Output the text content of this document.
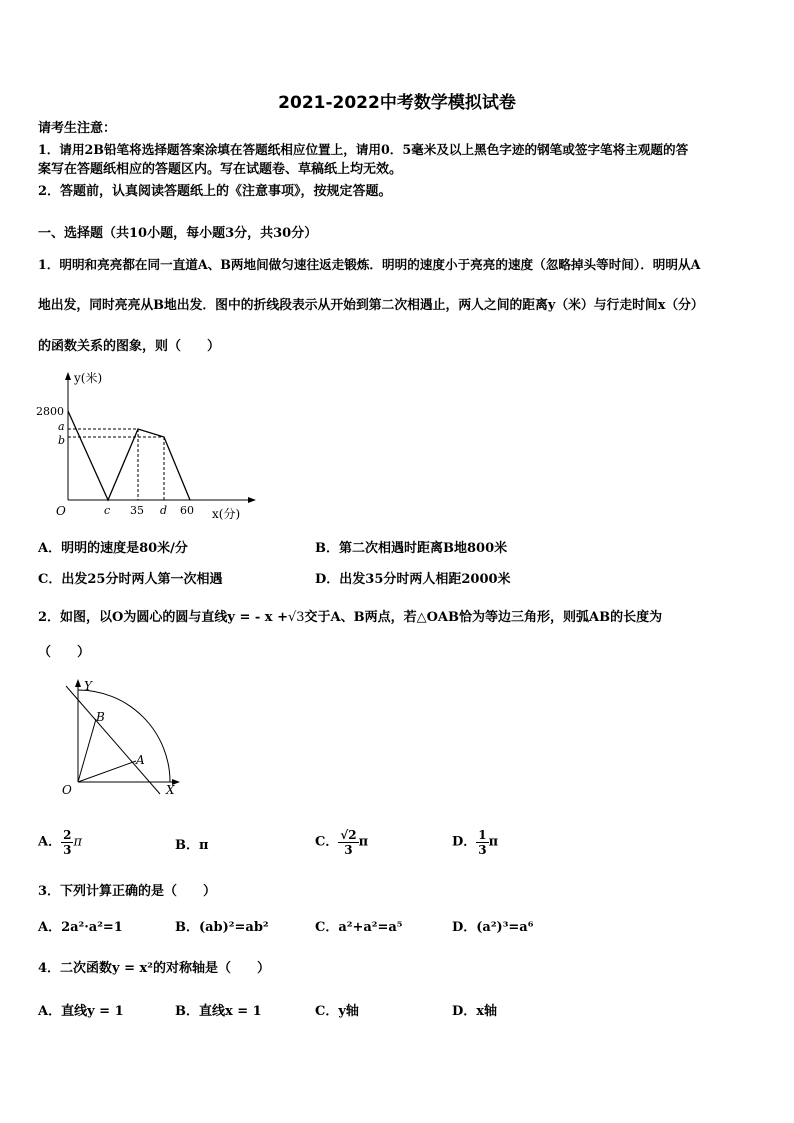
2021-2022中考数学模拟试卷
请考生注意：
1．请用2B铅笔将选择题答案涂填在答题纸相应位置上，请用0．5毫米及以上黑色字迹的钢笔或签字笔将主观题的答
案写在答题纸相应的答题区内。写在试题卷、草稿纸上均无效。
2．答题前，认真阅读答题纸上的《注意事项》，按规定答题。
一、选择题（共10小题，每小题3分，共30分）
1．明明和亮亮都在同一直道A、B两地间做匀速往返走锻炼．明明的速度小于亮亮的速度（忽略掉头等时间）．明明从A
地出发，同时亮亮从B地出发．图中的折线段表示从开始到第二次相遇止，两人之间的距离y（米）与行走时间x（分）
的函数关系的图象，则（　　）
y(米)
x(分)
O
2800
a
b
c 35 d 60
A．明明的速度是80米/分	B．第二次相遇时距离B地800米
C．出发25分时两人第一次相遇	D．出发35分时两人相距2000米
2．如图，以O为圆心的圆与直线y = - x +√3交于A、B两点，若△OAB恰为等边三角形，则弧AB的长度为
（　　）
Y
X
O
B
A
A． $\frac{2}{3}$ π	B．π	C． $\frac{√2}{3}$ π	D． $\frac{1}{3}$ π
3．下列计算正确的是（　　）
A．2a²·a²=1	B．(ab)²=ab²	C．a²+a²=a⁵	D．(a²)³=a⁶
4．二次函数y = x²的对称轴是（　　）
A．直线y = 1	B．直线x = 1	C．y轴	D．x轴
